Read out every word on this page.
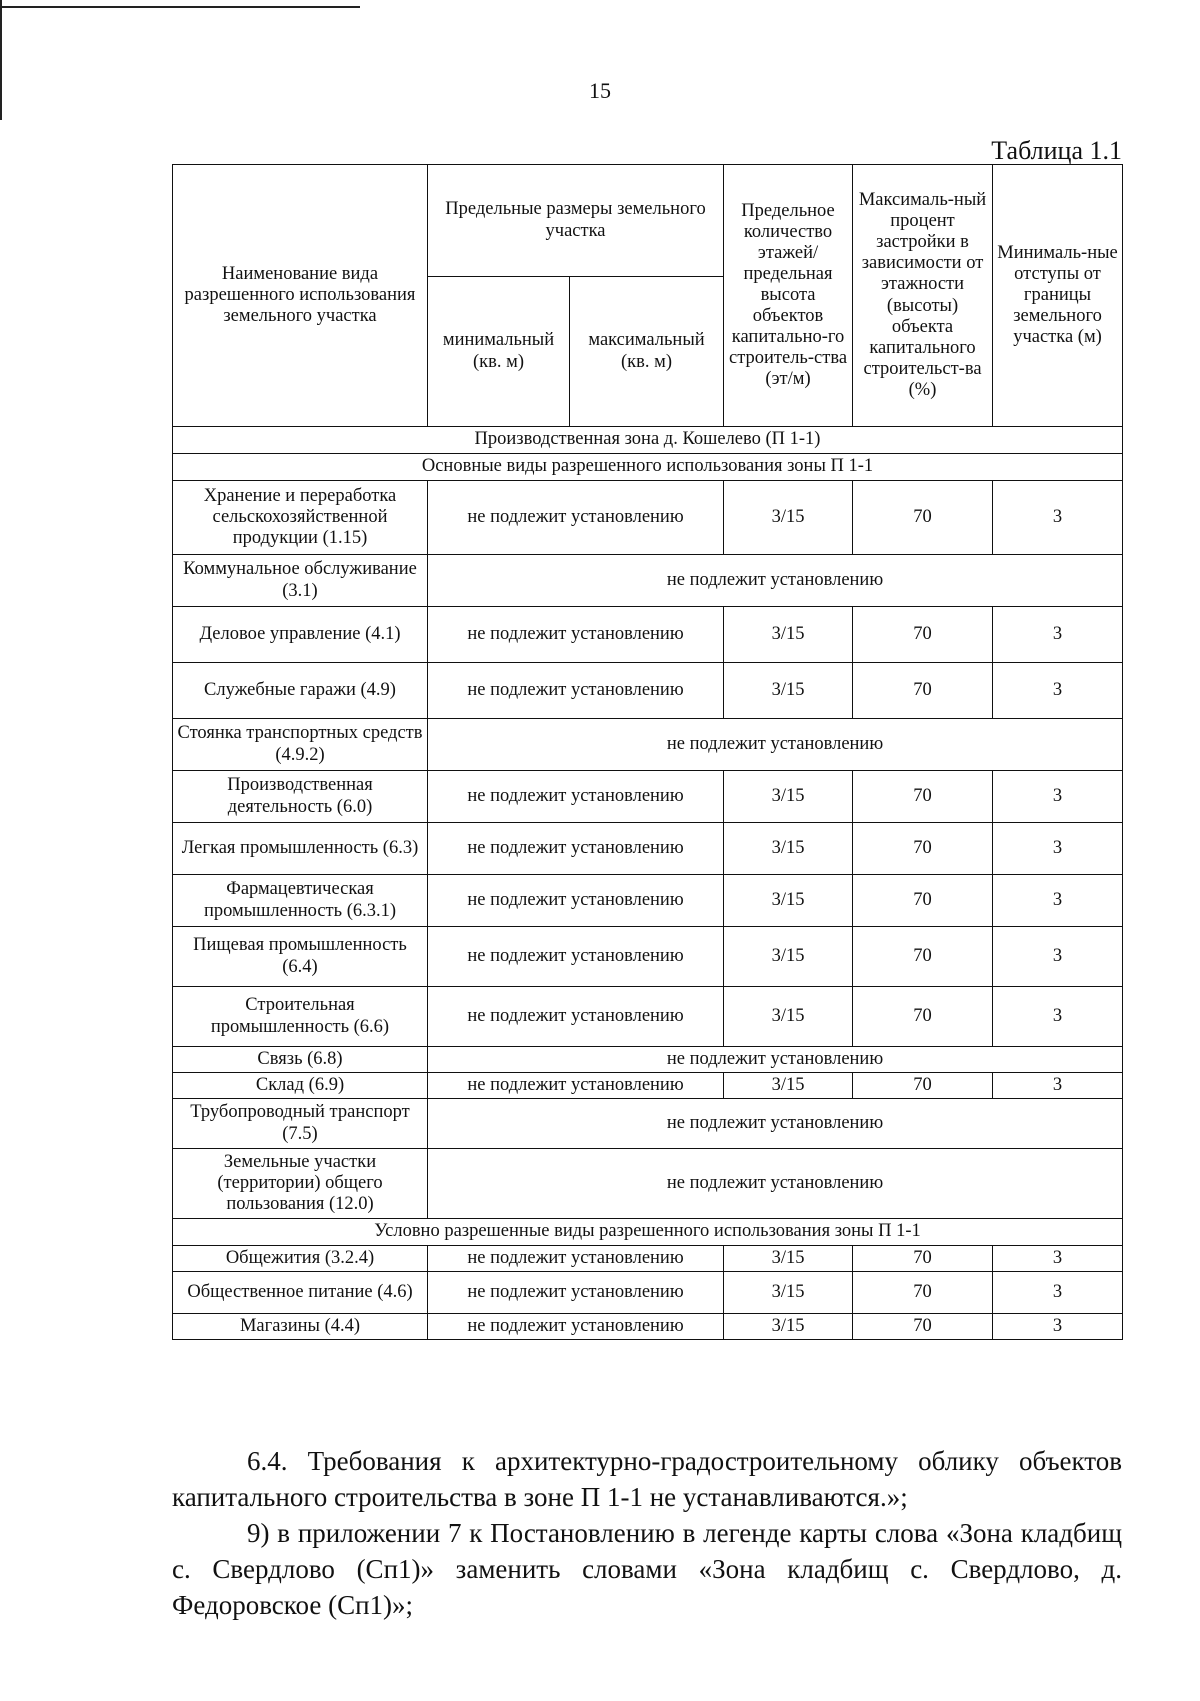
15
Таблица 1.1
Наименование вида разрешенного использования земельного участка	Предельные размеры земельного участка		Предельное количество этажей/ предельная высота объектов капитально-го строитель-ства (эт/м)	Максималь-ный процент застройки в зависимости от этажности (высоты) объекта капитального строительст-ва (%)	Минималь-ные отступы от границы земельного участка (м)
	минимальный (кв. м)	максимальный (кв. м)			
Производственная зона д. Кошелево (П 1-1)					
Основные виды разрешенного использования зоны П 1-1					
Хранение и переработка сельскохозяйственной продукции (1.15)	не подлежит установлению		3/15	70	3
Коммунальное обслуживание (3.1)	не подлежит установлению				
Деловое управление (4.1)	не подлежит установлению		3/15	70	3
Служебные гаражи (4.9)	не подлежит установлению		3/15	70	3
Стоянка транспортных средств (4.9.2)	не подлежит установлению				
Производственная деятельность (6.0)	не подлежит установлению		3/15	70	3
Легкая промышленность (6.3)	не подлежит установлению		3/15	70	3
Фармацевтическая промышленность (6.3.1)	не подлежит установлению		3/15	70	3
Пищевая промышленность (6.4)	не подлежит установлению		3/15	70	3
Строительная промышленность (6.6)	не подлежит установлению		3/15	70	3
Связь (6.8)	не подлежит установлению				
Склад (6.9)	не подлежит установлению		3/15	70	3
Трубопроводный транспорт (7.5)	не подлежит установлению				
Земельные участки (территории) общего пользования (12.0)	не подлежит установлению				
Условно разрешенные виды разрешенного использования зоны П 1-1					
Общежития (3.2.4)	не подлежит установлению		3/15	70	3
Общественное питание (4.6)	не подлежит установлению		3/15	70	3
Магазины (4.4)	не подлежит установлению		3/15	70	3

6.4. Требования к архитектурно-градостроительному облику объектов капитального строительства в зоне П 1-1 не устанавливаются.»;

9) в приложении 7 к Постановлению в легенде карты слова «Зона кладбищ с. Свердлово (Сп1)» заменить словами «Зона кладбищ с. Свердлово, д. Федоровское (Сп1)»;
